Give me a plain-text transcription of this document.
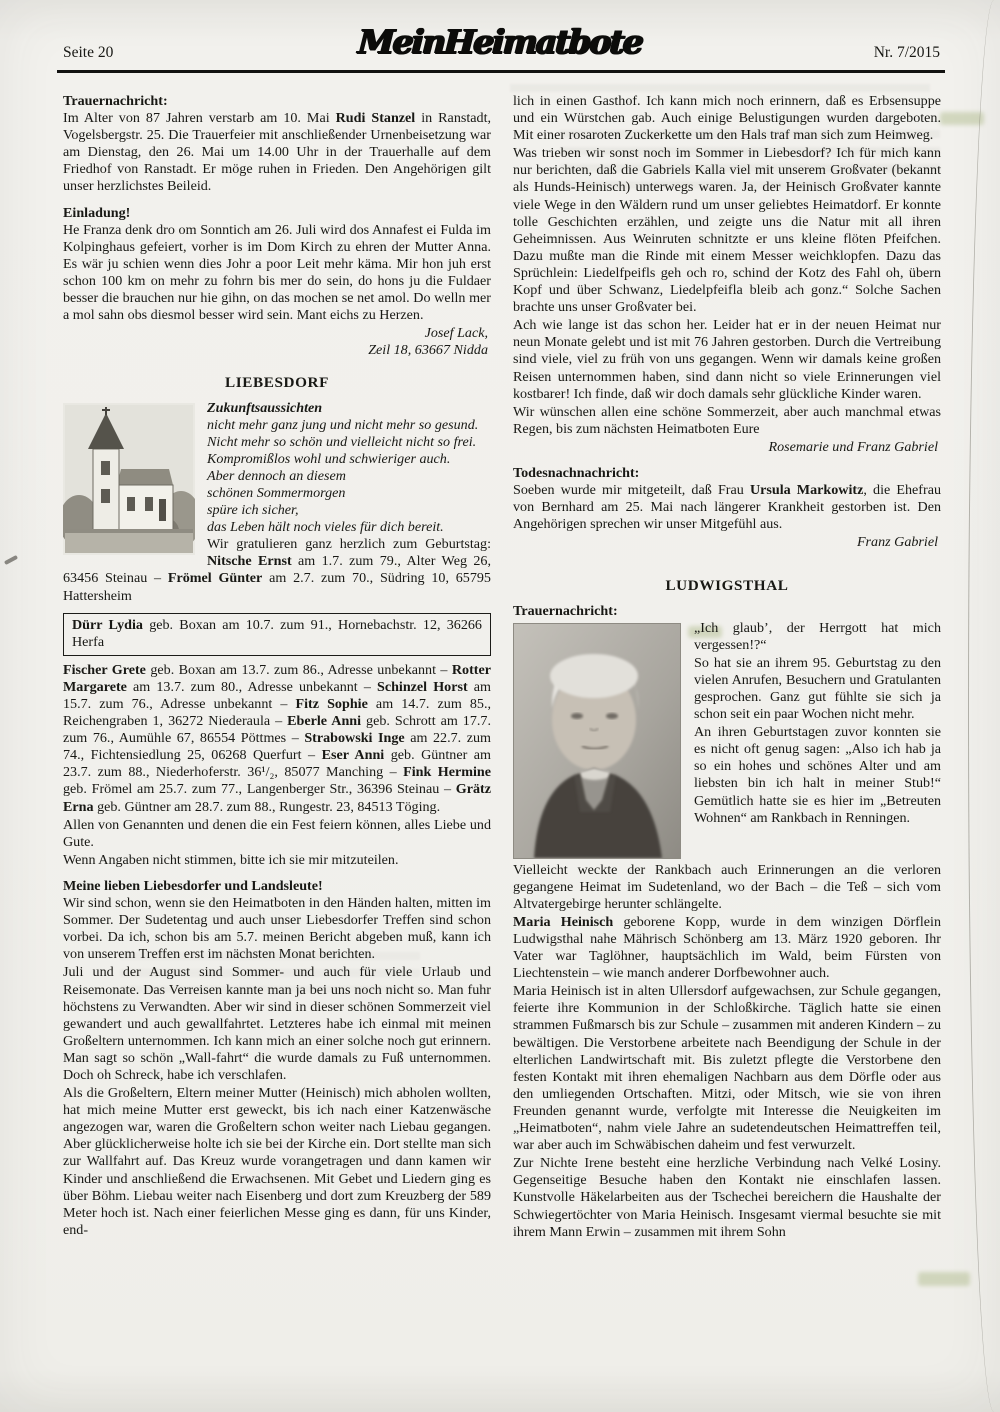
Seite 20	MeinHeimatbote	Nr. 7/2015
Trauernachricht:

Im Alter von 87 Jahren verstarb am 10. Mai Rudi Stanzel in Ranstadt, Vogelsbergstr. 25. Die Trauerfeier mit anschließender Urnenbeisetzung war am Dienstag, den 26. Mai um 14.00 Uhr in der Trauerhalle auf dem Friedhof von Ranstadt. Er möge ruhen in Frieden. Den Angehörigen gilt unser herzlichstes Beileid.

Einladung!

He Franza denk dro om Sonntich am 26. Juli wird dos Annafest ei Fulda im Kolpinghaus gefeiert, vorher is im Dom Kirch zu ehren der Mutter Anna. Es wär ju schien wenn dies Johr a poor Leit mehr käma. Mir hon juh erst schon 100 km on mehr zu fohrn bis mer do sein, do hons ju die Fuldaer besser die brauchen nur hie gihn, on das mochen se net amol. Do welln mer a mol sahn obs diesmol besser wird sein. Mant eichs zu Herzen.

Josef Lack,
Zeil 18, 63667 Nidda
LIEBESDORF
Zukunftsaussichten
nicht mehr ganz jung und nicht mehr so gesund.
Nicht mehr so schön und vielleicht nicht so frei.
Kompromißlos wohl und schwieriger auch.
Aber dennoch an diesem
schönen Sommermorgen
spüre ich sicher,
das Leben hält noch vieles für dich bereit.

Wir gratulieren ganz herzlich zum Geburtstag: Nitsche Ernst am 1.7. zum 79., Alter Weg 26, 63456 Steinau – Frömel Günter am 2.7. zum 70., Südring 10, 65795 Hattersheim

Dürr Lydia geb. Boxan am 10.7. zum 91., Hornebachstr. 12, 36266 Herfa

Fischer Grete geb. Boxan am 13.7. zum 86., Adresse unbekannt – Rotter Margarete am 13.7. zum 80., Adresse unbekannt – Schinzel Horst am 15.7. zum 76., Adresse unbekannt – Fitz Sophie am 14.7. zum 85., Reichengraben 1, 36272 Niederaula – Eberle Anni geb. Schrott am 17.7. zum 76., Aumühle 67, 86554 Pöttmes – Strabowski Inge am 22.7. zum 74., Fichtensiedlung 25, 06268 Querfurt – Eser Anni geb. Güntner am 23.7. zum 88., Niederhoferstr. 36¹/₂, 85077 Manching – Fink Hermine geb. Frömel am 25.7. zum 77., Langenberger Str., 36396 Steinau – Grätz Erna geb. Güntner am 28.7. zum 88., Rungestr. 23, 84513 Töging.

Allen von Genannten und denen die ein Fest feiern können, alles Liebe und Gute.

Wenn Angaben nicht stimmen, bitte ich sie mir mitzuteilen.

Meine lieben Liebesdorfer und Landsleute!

Wir sind schon, wenn sie den Heimatboten in den Händen halten, mitten im Sommer. Der Sudetentag und auch unser Liebesdorfer Treffen sind schon vorbei. Da ich, schon bis am 5.7. meinen Bericht abgeben muß, kann ich von unserem Treffen erst im nächsten Monat berichten.

Juli und der August sind Sommer- und auch für viele Urlaub und Reisemonate. Das Verreisen kannte man ja bei uns noch nicht so. Man fuhr höchstens zu Verwandten. Aber wir sind in dieser schönen Sommerzeit viel gewandert und auch gewallfahrtet. Letzteres habe ich einmal mit meinen Großeltern unternommen. Ich kann mich an einer solche noch gut erinnern. Man sagt so schön „Wall-fahrt“ die wurde damals zu Fuß unternommen. Doch oh Schreck, habe ich verschlafen.

Als die Großeltern, Eltern meiner Mutter (Heinisch) mich abholen wollten, hat mich meine Mutter erst geweckt, bis ich nach einer Katzenwäsche angezogen war, waren die Großeltern schon weiter nach Liebau gegangen. Aber glücklicherweise holte ich sie bei der Kirche ein. Dort stellte man sich zur Wallfahrt auf. Das Kreuz wurde vorangetragen und dann kamen wir Kinder und anschließend die Erwachsenen. Mit Gebet und Liedern ging es über Böhm. Liebau weiter nach Eisenberg und dort zum Kreuzberg der 589 Meter hoch ist. Nach einer feierlichen Messe ging es dann, für uns Kinder, end-

lich in einen Gasthof. Ich kann mich noch erinnern, daß es Erbsensuppe und ein Würstchen gab. Auch einige Belustigungen wurden dargeboten. Mit einer rosaroten Zuckerkette um den Hals traf man sich zum Heimweg.

Was trieben wir sonst noch im Sommer in Liebesdorf? Ich für mich kann nur berichten, daß die Gabriels Kalla viel mit unserem Großvater (bekannt als Hunds-Heinisch) unterwegs waren. Ja, der Heinisch Großvater kannte viele Wege in den Wäldern rund um unser geliebtes Heimatdorf. Er konnte tolle Geschichten erzählen, und zeigte uns die Natur mit all ihren Geheimnissen. Aus Weinruten schnitzte er uns kleine flöten Pfeifchen. Dazu mußte man die Rinde mit einem Messer weichklopfen. Dazu das Sprüchlein: Liedelfpeifls geh och ro, schind der Kotz des Fahl oh, übern Kopf und über Schwanz, Liedelpfeifla bleib ach gonz.“ Solche Sachen brachte uns unser Großvater bei.

Ach wie lange ist das schon her. Leider hat er in der neuen Heimat nur neun Monate gelebt und ist mit 76 Jahren gestorben. Durch die Vertreibung sind viele, viel zu früh von uns gegangen. Wenn wir damals keine großen Reisen unternommen haben, sind dann nicht so viele Erinnerungen viel kostbarer! Ich finde, daß wir doch damals sehr glückliche Kinder waren.

Wir wünschen allen eine schöne Sommerzeit, aber auch manchmal etwas Regen, bis zum nächsten Heimatboten Eure

Rosemarie und Franz Gabriel
Todesnachnachricht:

Soeben wurde mir mitgeteilt, daß Frau Ursula Markowitz, die Ehefrau von Bernhard am 25. Mai nach längerer Krankheit gestorben ist. Den Angehörigen sprechen wir unser Mitgefühl aus.

Franz Gabriel
LUDWIGSTHAL
Trauernachricht:

„Ich glaub’, der Herrgott hat mich vergessen!?“

So hat sie an ihrem 95. Geburtstag zu den vielen Anrufen, Besuchern und Gratulanten gesprochen. Ganz gut fühlte sie sich ja schon seit ein paar Wochen nicht mehr.

An ihren Geburtstagen zuvor konnten sie es nicht oft genug sagen: „Also ich hab ja so ein hohes und schönes Alter und am liebsten bin ich halt in meiner Stub!“ Gemütlich hatte sie es hier im „Betreuten Wohnen“ am Rankbach in Renningen.

Vielleicht weckte der Rankbach auch Erinnerungen an die verloren gegangene Heimat im Sudetenland, wo der Bach – die Teß – sich vom Altvatergebirge herunter schlängelte.

Maria Heinisch geborene Kopp, wurde in dem winzigen Dörflein Ludwigsthal nahe Mährisch Schönberg am 13. März 1920 geboren. Ihr Vater war Taglöhner, hauptsächlich im Wald, beim Fürsten von Liechtenstein – wie manch anderer Dorfbewohner auch.

Maria Heinisch ist in alten Ullersdorf aufgewachsen, zur Schule gegangen, feierte ihre Kommunion in der Schloßkirche. Täglich hatte sie einen strammen Fußmarsch bis zur Schule – zusammen mit anderen Kindern – zu bewältigen. Die Verstorbene arbeitete nach Beendigung der Schule in der elterlichen Landwirtschaft mit. Bis zuletzt pflegte die Verstorbene den festen Kontakt mit ihren ehemaligen Nachbarn aus dem Dörfle oder aus den umliegenden Ortschaften. Mitzi, oder Mitsch, wie sie von ihren Freunden genannt wurde, verfolgte mit Interesse die Neuigkeiten im „Heimatboten“, nahm viele Jahre an sudetendeutschen Heimattreffen teil, war aber auch im Schwäbischen daheim und fest verwurzelt.

Zur Nichte Irene besteht eine herzliche Verbindung nach Velké Losiny. Gegenseitige Besuche haben den Kontakt nie einschlafen lassen. Kunstvolle Häkelarbeiten aus der Tschechei bereichern die Haushalte der Schwiegertöchter von Maria Heinisch. Insgesamt viermal besuchte sie mit ihrem Mann Erwin – zusammen mit ihrem Sohn
